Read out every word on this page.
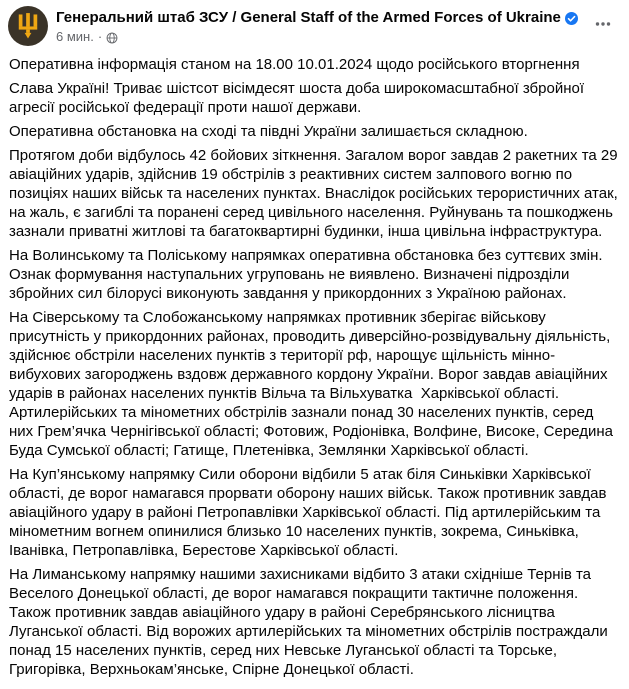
Генеральний штаб ЗСУ / General Staff of the Armed Forces of Ukraine
6 мин. ·

Оперативна інформація станом на 18.00 10.01.2024 щодо російського вторгнення

Слава Україні! Триває шістсот вісімдесят шоста доба широкомасштабної збройної агресії російської федерації проти нашої держави.

Оперативна обстановка на сході та півдні України залишається складною.

Протягом доби відбулось 42 бойових зіткнення. Загалом ворог завдав 2 ракетних та 29 авіаційних ударів, здійснив 19 обстрілів з реактивних систем залпового вогню по позиціях наших військ та населених пунктах. Внаслідок російських терористичних атак, на жаль, є загиблі та поранені серед цивільного населення. Руйнувань та пошкоджень зазнали приватні житлові та багатоквартирні будинки, інша цивільна інфраструктура.

На Волинському та Поліському напрямках оперативна обстановка без суттєвих змін. Ознак формування наступальних угруповань не виявлено. Визначені підрозділи збройних сил білорусі виконують завдання у прикордонних з Україною районах.

На Сіверському та Слобожанському напрямках противник зберігає військову присутність у прикордонних районах, проводить диверсійно-розвідувальну діяльність, здійснює обстріли населених пунктів з території рф, нарощує щільність мінно-вибухових загороджень вздовж державного кордону України. Ворог завдав авіаційних ударів в районах населених пунктів Вільча та Вільхуватка  Харківської області. Артилерійських та мінометних обстрілів зазнали понад 30 населених пунктів, серед них Грем’ячка Чернігівської області; Фотовиж, Родіонівка, Волфине, Високе, Середина Буда Сумської області; Гатище, Плетенівка, Землянки Харківської області.

На Куп’янському напрямку Сили оборони відбили 5 атак біля Синьківки Харківської області, де ворог намагався прорвати оборону наших військ. Також противник завдав авіаційного удару в районі Петропавлівки Харківської області. Під артилерійським та мінометним вогнем опинилися близько 10 населених пунктів, зокрема, Синьківка, Іванівка, Петропавлівка, Берестове Харківської області.

На Лиманському напрямку нашими захисниками відбито 3 атаки східніше Тернів та Веселого Донецької області, де ворог намагався покращити тактичне положення. Також противник завдав авіаційного удару в районі Серебрянського лісництва Луганської області. Від ворожих артилерійських та мінометних обстрілів постраждали понад 15 населених пунктів, серед них Невське Луганської області та Торське, Григорівка, Верхньокам’янське, Спірне Донецької області.
